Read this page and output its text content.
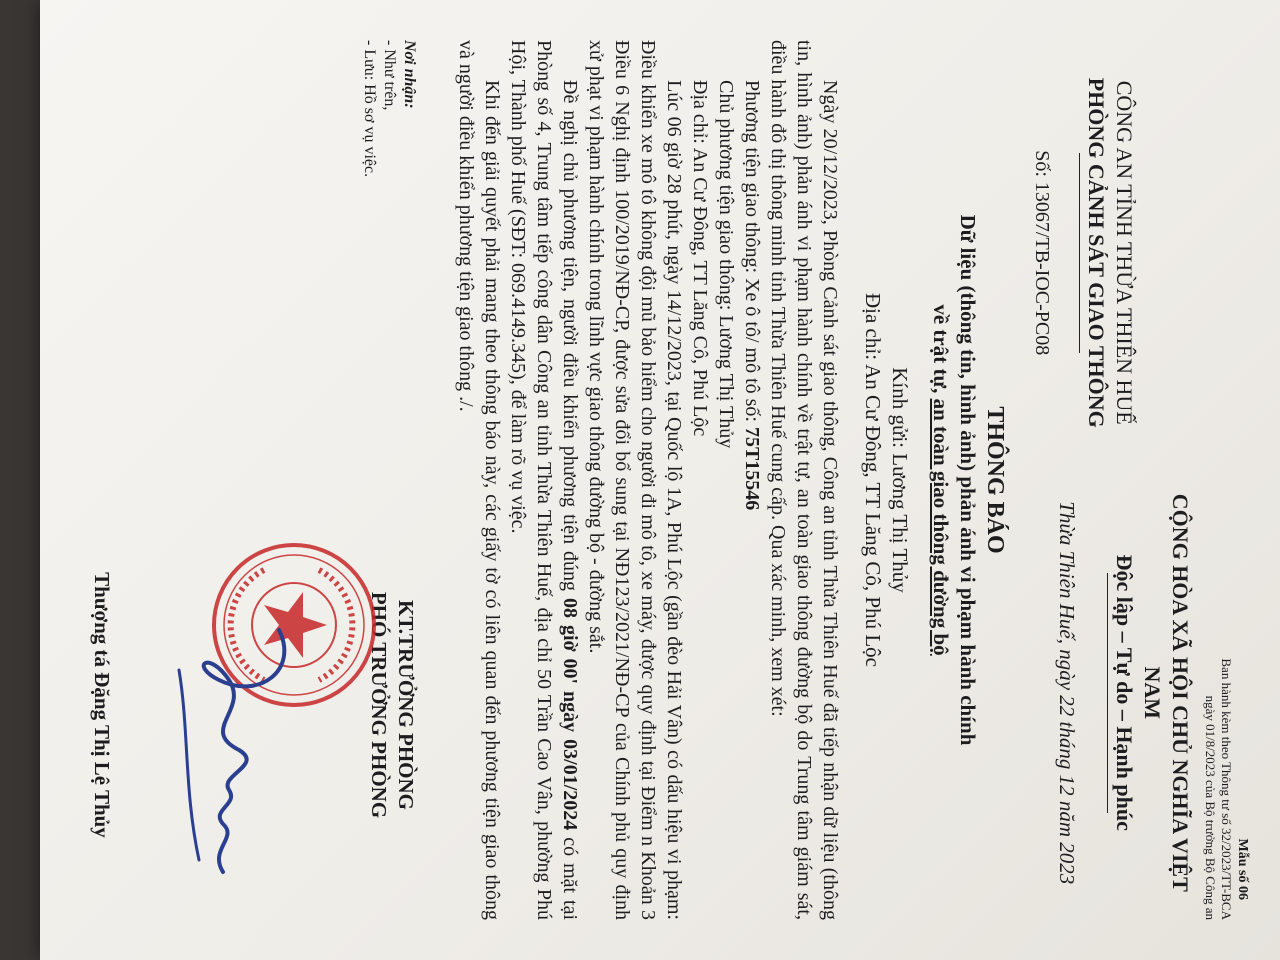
CÔNG AN TỈNH THỪA THIÊN HUẾ
PHÒNG CẢNH SÁT GIAO THÔNG
Số: 13067/TB-IOC-PC08
Mẫu số 06
Ban hành kèm theo Thông tư số 32/2023/TT-BCA
ngày 01/8/2023 của Bộ trưởng Bộ Công an
CỘNG HÒA XÃ HỘI CHỦ NGHĨA VIỆT NAM
Độc lập – Tự do – Hạnh phúc
Thừa Thiên Huế, ngày 22 tháng 12 năm 2023
THÔNG BÁO
Dữ liệu (thông tin, hình ảnh) phản ánh vi phạm hành chính
về trật tự, an toàn giao thông đường bộ
Kính gửi: Lương Thị Thủy
Địa chỉ: An Cư Đông, TT Lăng Cô, Phú Lộc

Ngày 20/12/2023, Phòng Cảnh sát giao thông, Công an tỉnh Thừa Thiên Huế đã tiếp nhận dữ liệu (thông tin, hình ảnh) phản ánh vi phạm hành chính về trật tự, an toàn giao thông đường bộ do Trung tâm giám sát, điều hành đô thị thông minh tỉnh Thừa Thiên Huế cung cấp. Qua xác minh, xem xét:

Phương tiện giao thông: Xe ô tô/ mô tô số: 75T15546

Chủ phương tiện giao thông: Lương Thị Thủy

Địa chỉ: An Cư Đông, TT Lăng Cô, Phú Lộc

Lúc 06 giờ 28 phút, ngày 14/12/2023, tại Quốc lộ 1A, Phú Lộc (gần đèo Hải Vân) có dấu hiệu vi phạm: Điều khiển xe mô tô không đội mũ bảo hiểm cho người đi mô tô, xe máy, được quy định tại Điểm n Khoản 3 Điều 6 Nghị định 100/2019/NĐ-CP, được sửa đổi bổ sung tại NĐ123/2021/NĐ-CP của Chính phủ quy định xử phạt vi phạm hành chính trong lĩnh vực giao thông đường bộ - đường sắt.

Đề nghị chủ phương tiện, người điều khiển phương tiện đúng 08 giờ 00' ngày 03/01/2024 có mặt tại Phòng số 4, Trung tâm tiếp công dân Công an tỉnh Thừa Thiên Huế, địa chỉ 50 Trần Cao Vân, phường Phú Hội, Thành phố Huế (SĐT: 069.4149.345), để làm rõ vụ việc.

Khi đến giải quyết phải mang theo thông báo này, các giấy tờ có liên quan đến phương tiện giao thông và người điều khiển phương tiện giao thông ./.

Nơi nhận:
- Như trên,
- Lưu: Hồ sơ vụ việc.
KT.TRƯỞNG PHÒNG
PHÓ TRƯỞNG PHÒNG
Thượng tá Đặng Thị Lệ Thủy
